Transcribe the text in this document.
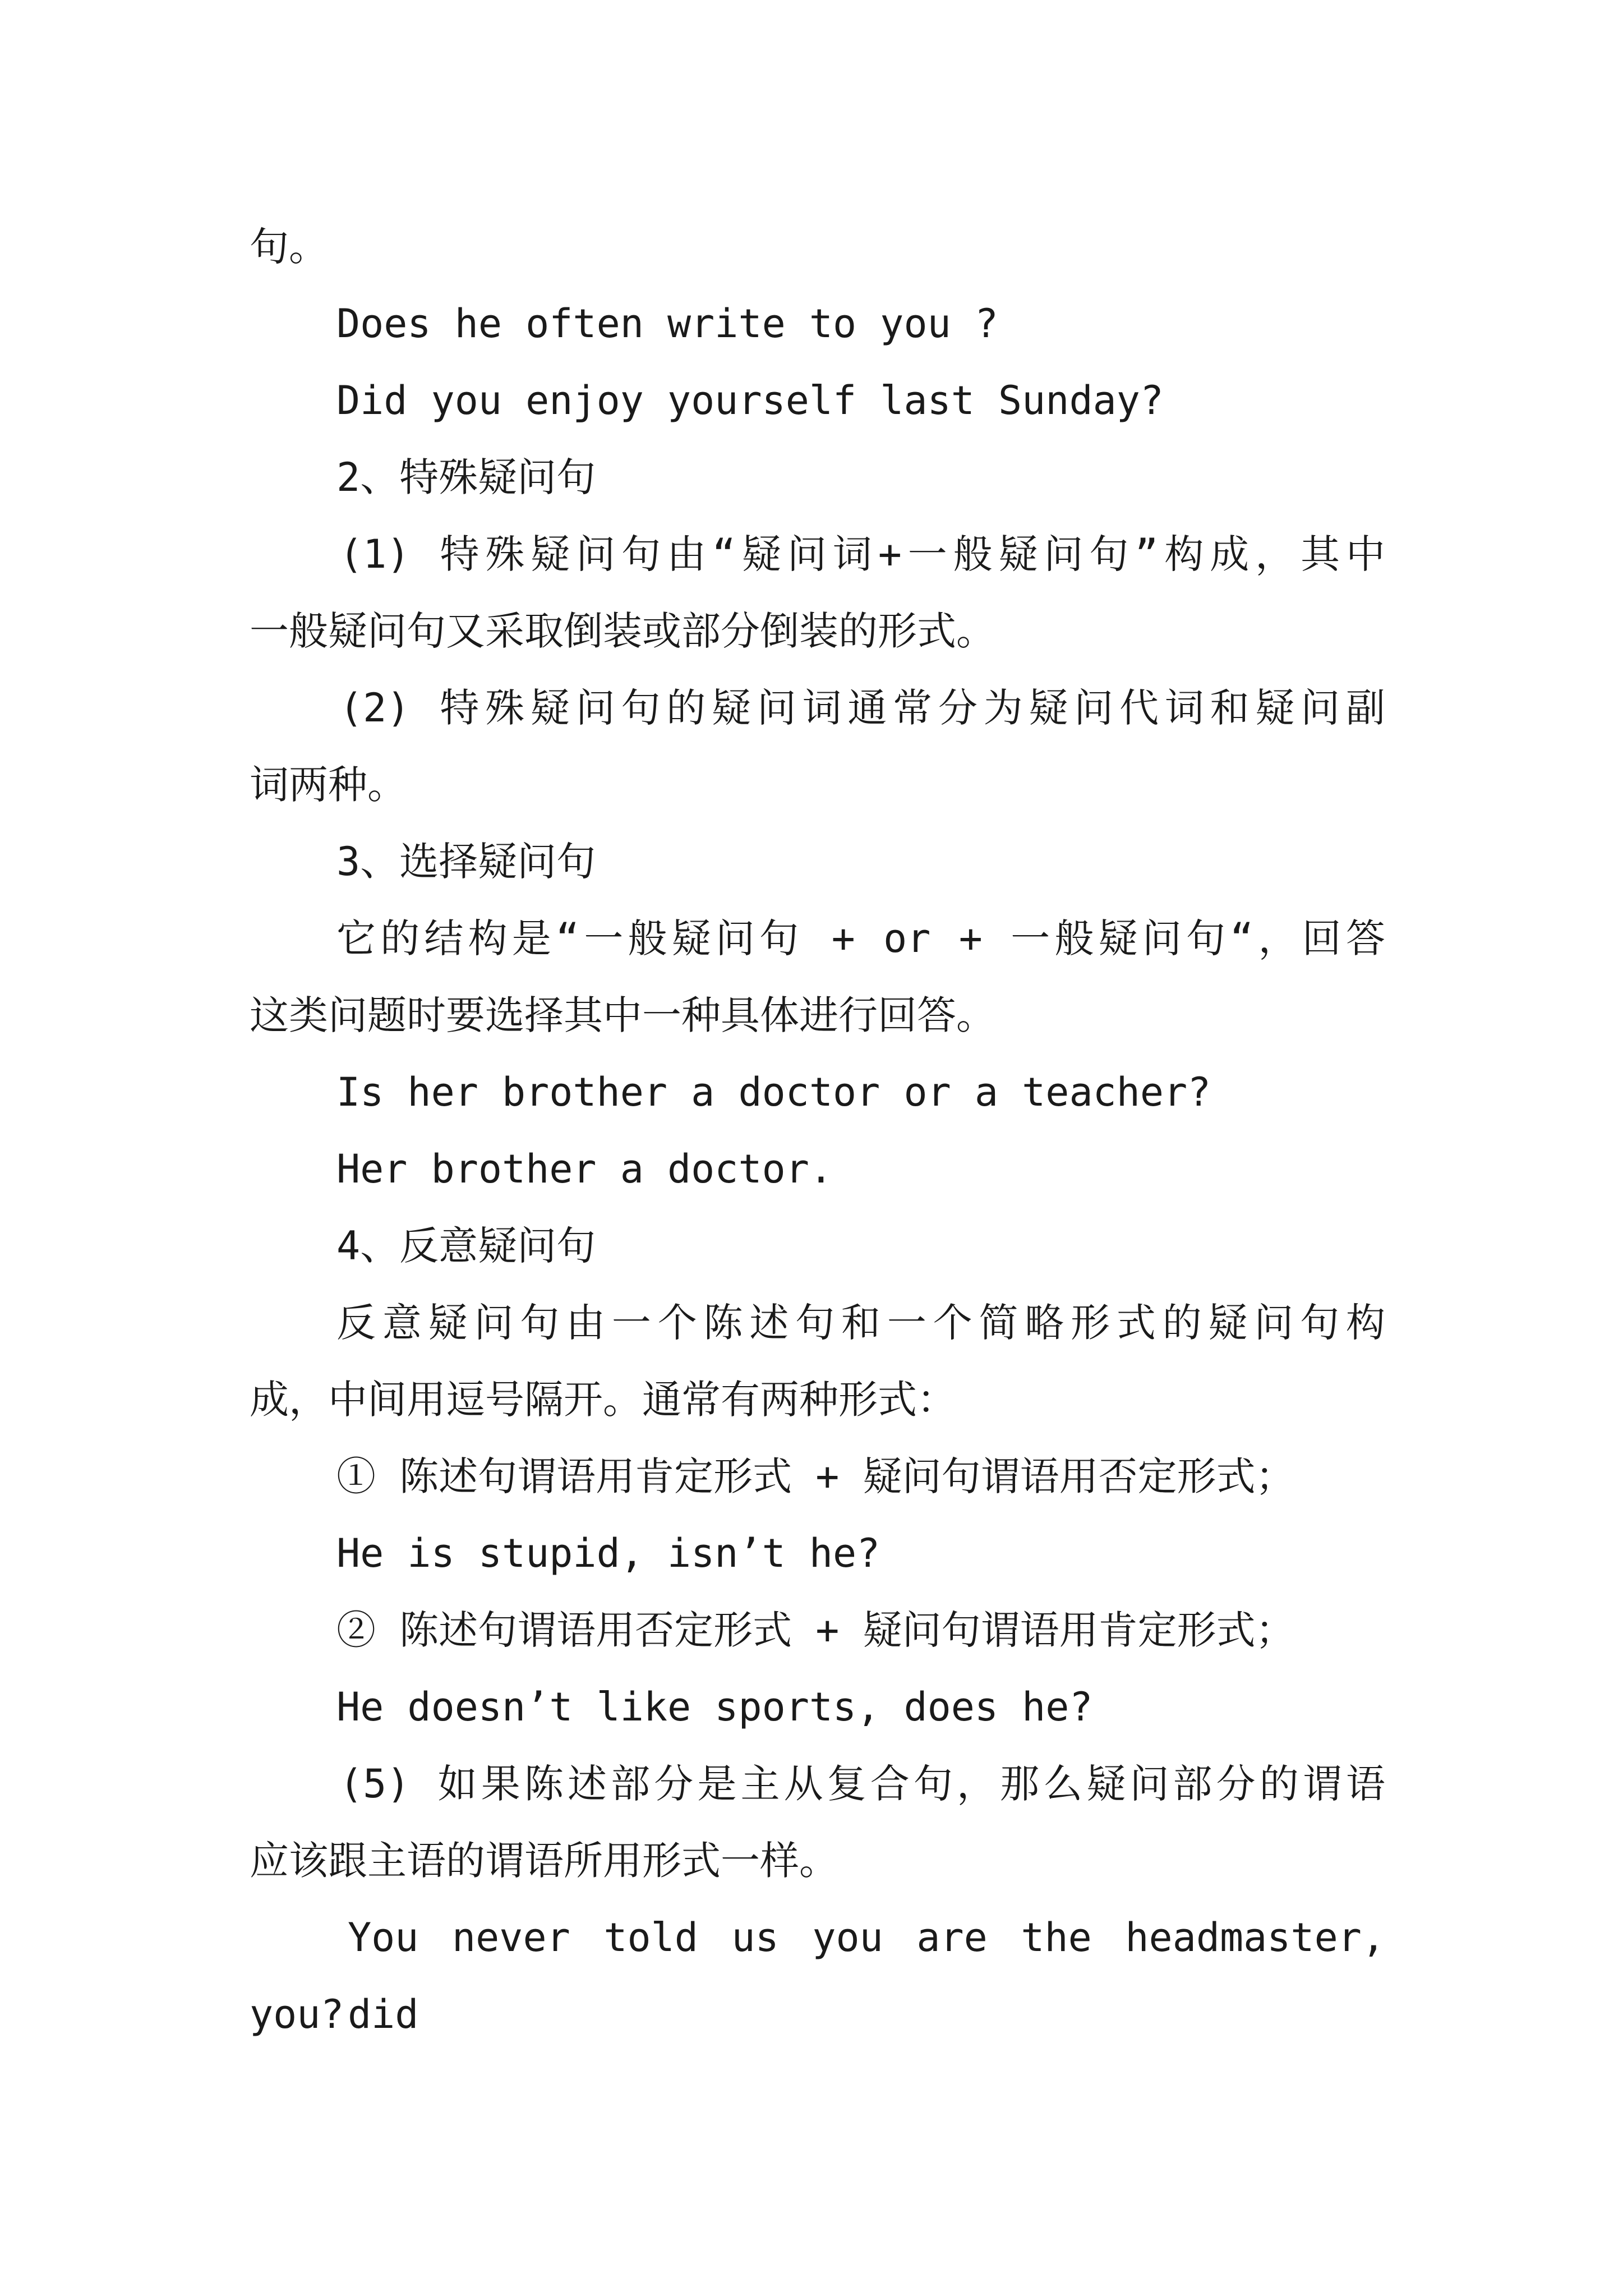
句。
Does he often write to you ?
Did you enjoy yourself last Sunday?
2、特殊疑问句
(1) 特殊疑问句由“疑问词+一般疑问句”构成，其中
一般疑问句又采取倒装或部分倒装的形式。
(2) 特殊疑问句的疑问词通常分为疑问代词和疑问副
词两种。
3、选择疑问句
它的结构是“一般疑问句 + or + 一般疑问句“，回答
这类问题时要选择其中一种具体进行回答。
Is her brother a doctor or a teacher?
Her brother a doctor.
4、反意疑问句
反意疑问句由一个陈述句和一个简略形式的疑问句构
成，中间用逗号隔开。通常有两种形式：
① 陈述句谓语用肯定形式 + 疑问句谓语用否定形式；
He is stupid, isn’t he?
② 陈述句谓语用否定形式 + 疑问句谓语用肯定形式；
He doesn’t like sports, does he?
(5) 如果陈述部分是主从复合句，那么疑问部分的谓语
应该跟主语的谓语所用形式一样。
You never told us you are the headmaster, did
you?
